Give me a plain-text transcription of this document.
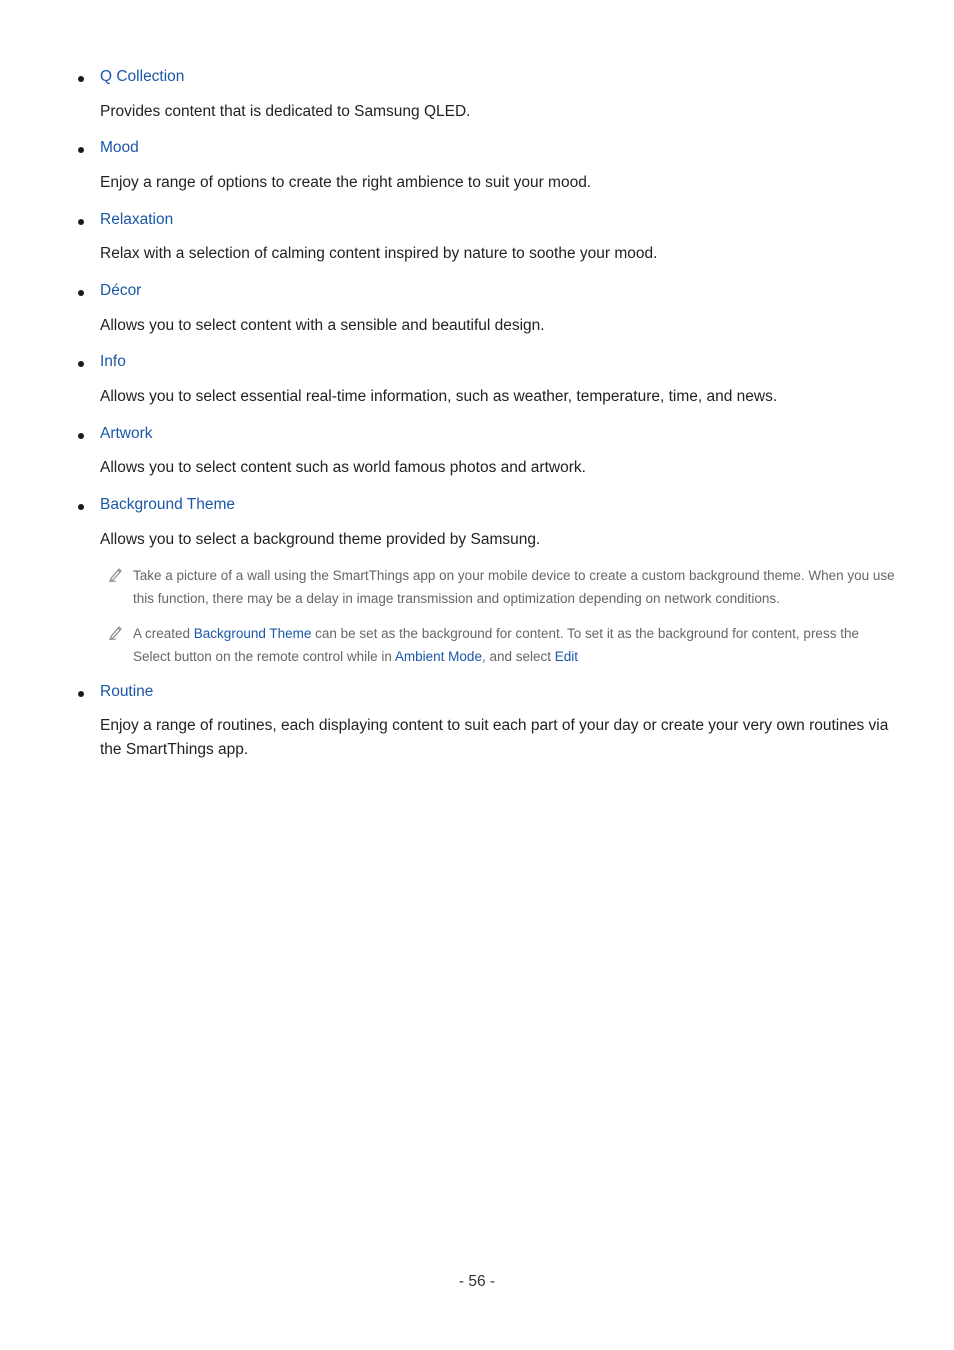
Q Collection
Provides content that is dedicated to Samsung QLED.
Mood
Enjoy a range of options to create the right ambience to suit your mood.
Relaxation
Relax with a selection of calming content inspired by nature to soothe your mood.
Décor
Allows you to select content with a sensible and beautiful design.
Info
Allows you to select essential real-time information, such as weather, temperature, time, and news.
Artwork
Allows you to select content such as world famous photos and artwork.
Background Theme
Allows you to select a background theme provided by Samsung.
Take a picture of a wall using the SmartThings app on your mobile device to create a custom background theme. When you use this function, there may be a delay in image transmission and optimization depending on network conditions.
A created Background Theme can be set as the background for content. To set it as the background for content, press the Select button on the remote control while in Ambient Mode, and select Edit
Routine
Enjoy a range of routines, each displaying content to suit each part of your day or create your very own routines via the SmartThings app.
- 56 -
